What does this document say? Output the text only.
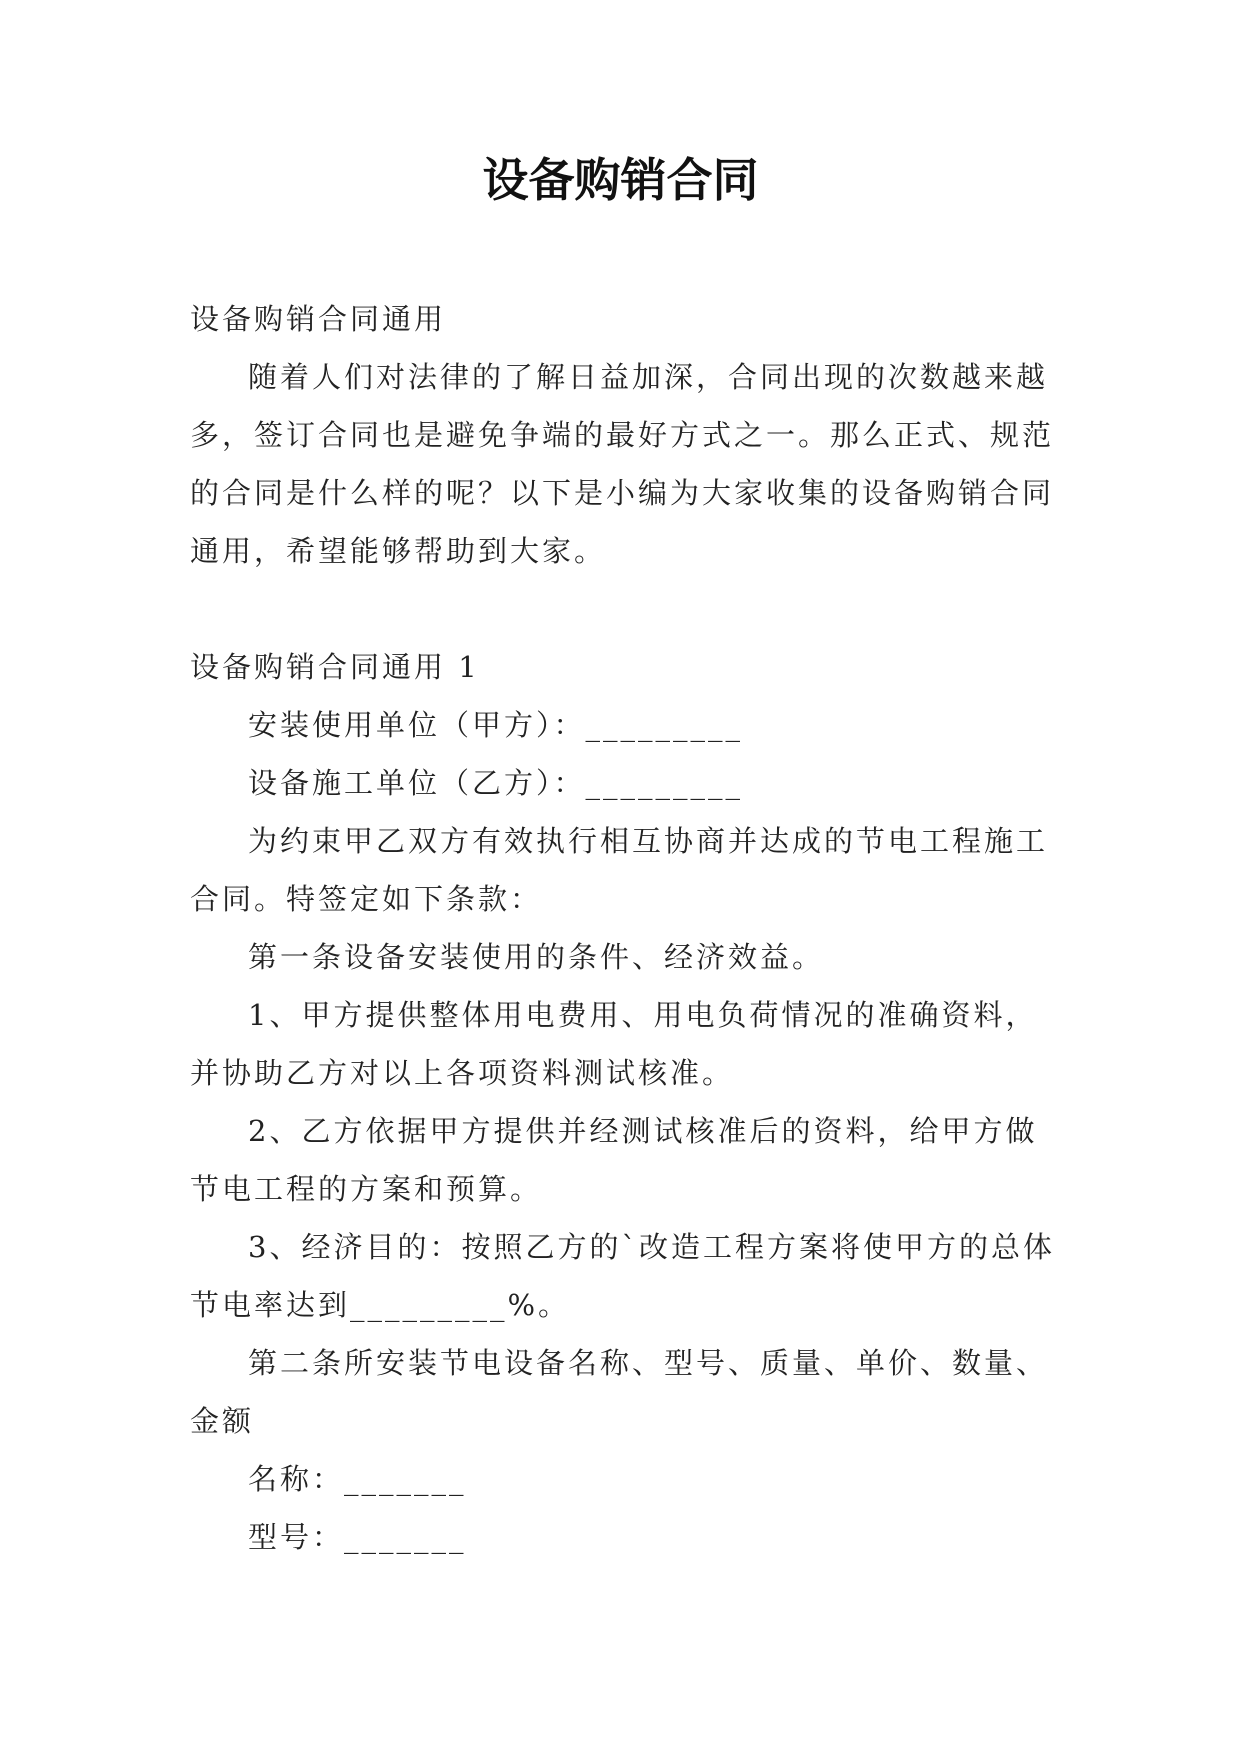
设备购销合同

设备购销合同通用

随着人们对法律的了解日益加深，合同出现的次数越来越多，签订合同也是避免争端的最好方式之一。那么正式、规范的合同是什么样的呢？以下是小编为大家收集的设备购销合同通用，希望能够帮助到大家。

设备购销合同通用 1

安装使用单位（甲方）：_________

设备施工单位（乙方）：_________

为约束甲乙双方有效执行相互协商并达成的节电工程施工合同。特签定如下条款：

第一条设备安装使用的条件、经济效益。

1、甲方提供整体用电费用、用电负荷情况的准确资料，并协助乙方对以上各项资料测试核准。

2、乙方依据甲方提供并经测试核准后的资料，给甲方做节电工程的方案和预算。

3、经济目的：按照乙方的`改造工程方案将使甲方的总体节电率达到_________%。

第二条所安装节电设备名称、型号、质量、单价、数量、金额

名称：_______

型号：_______
